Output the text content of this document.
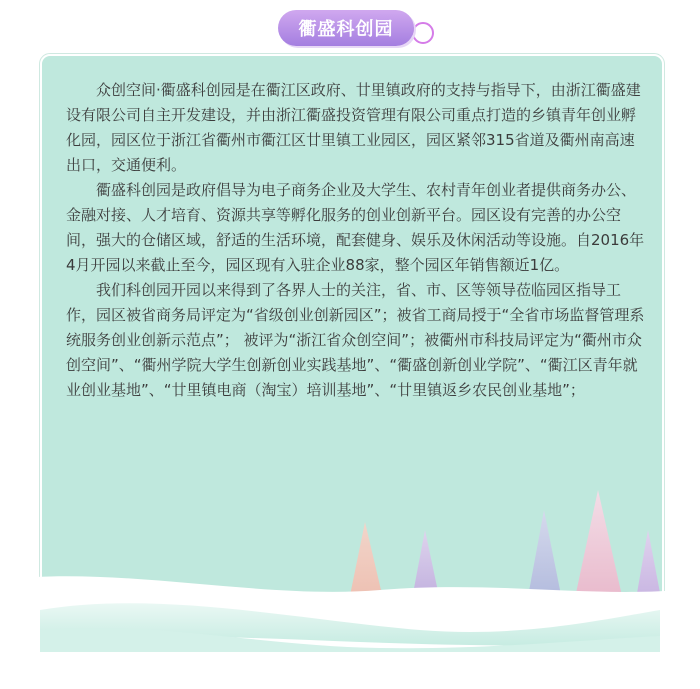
衢盛科创园

众创空间·衢盛科创园是在衢江区政府、廿里镇政府的支持与指导下，由浙江衢盛建设有限公司自主开发建设，并由浙江衢盛投资管理有限公司重点打造的乡镇青年创业孵化园，园区位于浙江省衢州市衢江区廿里镇工业园区，园区紧邻315省道及衢州南高速出口，交通便利。

衢盛科创园是政府倡导为电子商务企业及大学生、农村青年创业者提供商务办公、金融对接、人才培育、资源共享等孵化服务的创业创新平台。园区设有完善的办公空间，强大的仓储区域，舒适的生活环境，配套健身、娱乐及休闲活动等设施。自2016年4月开园以来截止至今，园区现有入驻企业88家，整个园区年销售额近1亿。

我们科创园开园以来得到了各界人士的关注，省、市、区等领导莅临园区指导工作，园区被省商务局评定为“省级创业创新园区”；被省工商局授于“全省市场监督管理系统服务创业创新示范点”； 被评为“浙江省众创空间”；被衢州市科技局评定为“衢州市众创空间”、“衢州学院大学生创新创业实践基地”、“衢盛创新创业学院”、“衢江区青年就业创业基地”、“廿里镇电商（淘宝）培训基地”、“廿里镇返乡农民创业基地”；
